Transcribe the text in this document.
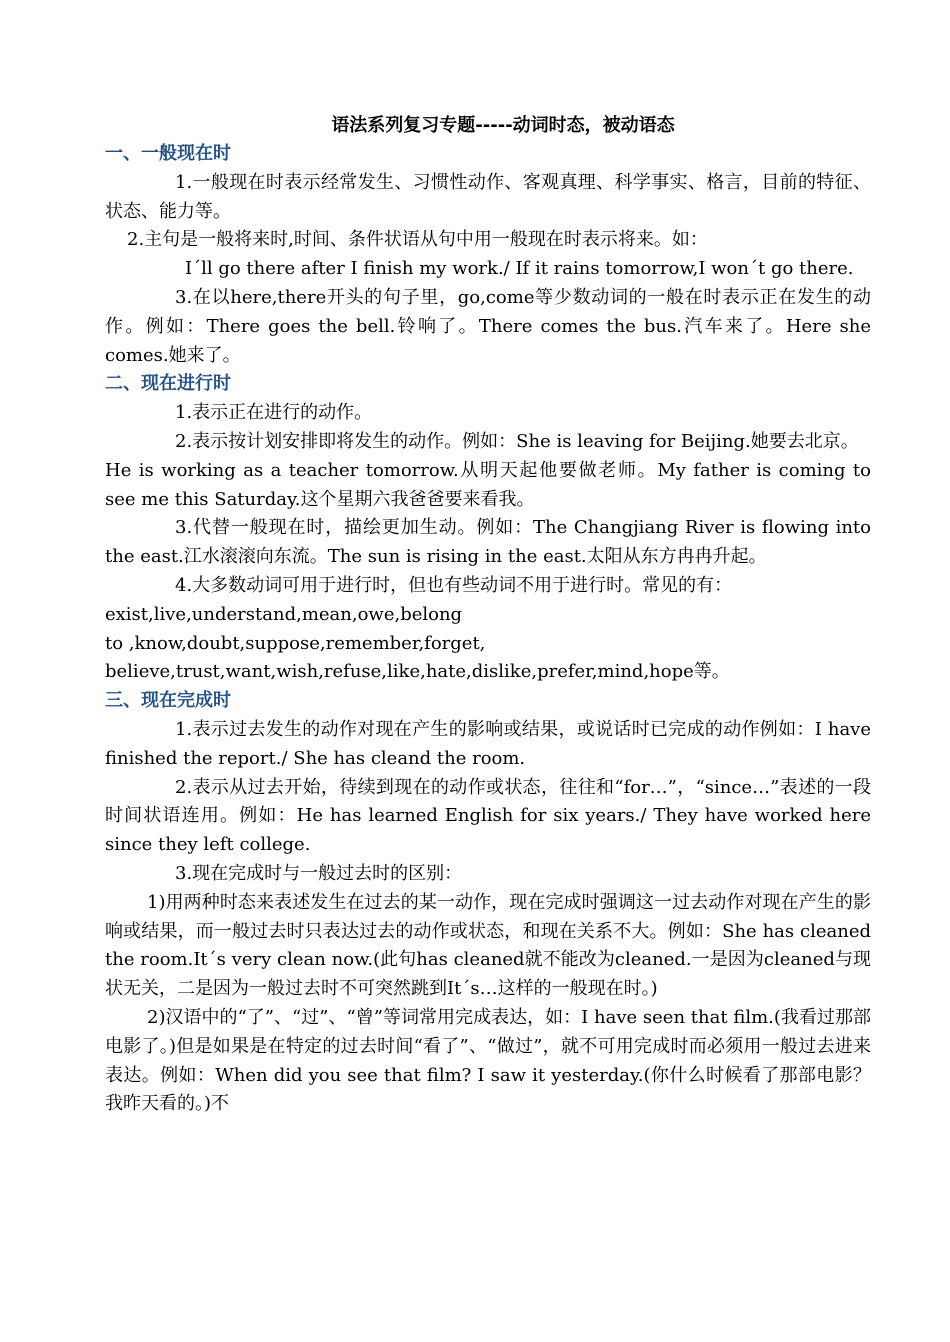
语法系列复习专题-----动词时态，被动语态

一、一般现在时

1.一般现在时表示经常发生、习惯性动作、客观真理、科学事实、格言，目前的特征、状态、能力等。

2.主句是一般将来时,时间、条件状语从句中用一般现在时表示将来。如：

I´ll go there after I finish my work./ If it rains tomorrow,I won´t go there.

3.在以here,there开头的句子里，go,come等少数动词的一般在时表示正在发生的动作。例如：There goes the bell.铃响了。There comes the bus.汽车来了。Here she comes.她来了。

二、现在进行时

1.表示正在进行的动作。

2.表示按计划安排即将发生的动作。例如：She is leaving for Beijing.她要去北京。

He is working as a teacher tomorrow.从明天起他要做老师。My father is coming to see me this Saturday.这个星期六我爸爸要来看我。

3.代替一般现在时，描绘更加生动。例如：The Changjiang River is flowing into the east.江水滚滚向东流。The sun is rising in the east.太阳从东方冉冉升起。

4.大多数动词可用于进行时，但也有些动词不用于进行时。常见的有：

exist,live,understand,mean,owe,belong

to ,know,doubt,suppose,remember,forget,

believe,trust,want,wish,refuse,like,hate,dislike,prefer,mind,hope等。

三、现在完成时

1.表示过去发生的动作对现在产生的影响或结果，或说话时已完成的动作例如：I have finished the report./ She has cleand the room.

2.表示从过去开始，待续到现在的动作或状态，往往和“for…”，“since…”表述的一段时间状语连用。例如：He has learned English for six years./ They have worked here since they left college.

3.现在完成时与一般过去时的区别：

1)用两种时态来表述发生在过去的某一动作，现在完成时强调这一过去动作对现在产生的影响或结果，而一般过去时只表达过去的动作或状态，和现在关系不大。例如：She has cleaned the room.It´s very clean now.(此句has cleaned就不能改为cleaned.一是因为cleaned与现状无关，二是因为一般过去时不可突然跳到It´s…这样的一般现在时。)

2)汉语中的“了”、“过”、“曾”等词常用完成表达，如：I have seen that film.(我看过那部电影了。)但是如果是在特定的过去时间“看了”、“做过”，就不可用完成时而必须用一般过去进来表达。例如：When did you see that film? I saw it yesterday.(你什么时候看了那部电影？我昨天看的。)不
